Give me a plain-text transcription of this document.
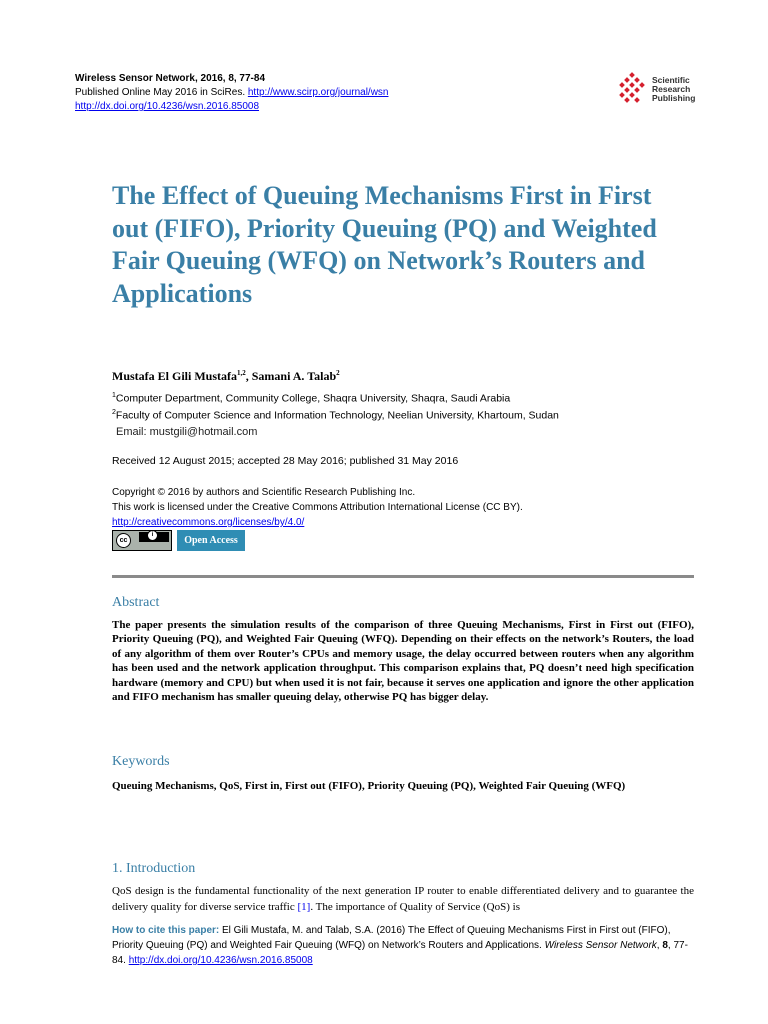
Wireless Sensor Network, 2016, 8, 77-84
Published Online May 2016 in SciRes. http://www.scirp.org/journal/wsn
http://dx.doi.org/10.4236/wsn.2016.85008
Scientific
Research
Publishing
The Effect of Queuing Mechanisms First in First out (FIFO), Priority Queuing (PQ) and Weighted Fair Queuing (WFQ) on Network’s Routers and Applications
Mustafa El Gili Mustafa$^{1,2}$, Samani A. Talab$^2$
$^1$Computer Department, Community College, Shaqra University, Shaqra, Saudi Arabia
$^2$Faculty of Computer Science and Information Technology, Neelian University, Khartoum, Sudan
Email: mustgili@hotmail.com
Received 12 August 2015; accepted 28 May 2016; published 31 May 2016
Copyright © 2016 by authors and Scientific Research Publishing Inc.
This work is licensed under the Creative Commons Attribution International License (CC BY).
http://creativecommons.org/licenses/by/4.0/
cc
i	Open Access
Abstract

The paper presents the simulation results of the comparison of three Queuing Mechanisms, First in First out (FIFO), Priority Queuing (PQ), and Weighted Fair Queuing (WFQ). Depending on their effects on the network’s Routers, the load of any algorithm of them over Router’s CPUs and memory usage, the delay occurred between routers when any algorithm has been used and the network application throughput. This comparison explains that, PQ doesn’t need high specification hardware (memory and CPU) but when used it is not fair, because it serves one application and ignore the other application and FIFO mechanism has smaller queuing delay, otherwise PQ has bigger delay.

Keywords

Queuing Mechanisms, QoS, First in, First out (FIFO), Priority Queuing (PQ), Weighted Fair Queuing (WFQ)

1. Introduction

QoS design is the fundamental functionality of the next generation IP router to enable differentiated delivery and to guarantee the delivery quality for diverse service traffic [1]. The importance of Quality of Service (QoS) is

How to cite this paper: El Gili Mustafa, M. and Talab, S.A. (2016) The Effect of Queuing Mechanisms First in First out (FIFO), Priority Queuing (PQ) and Weighted Fair Queuing (WFQ) on Network’s Routers and Applications. Wireless Sensor Network, 8, 77-84. http://dx.doi.org/10.4236/wsn.2016.85008
